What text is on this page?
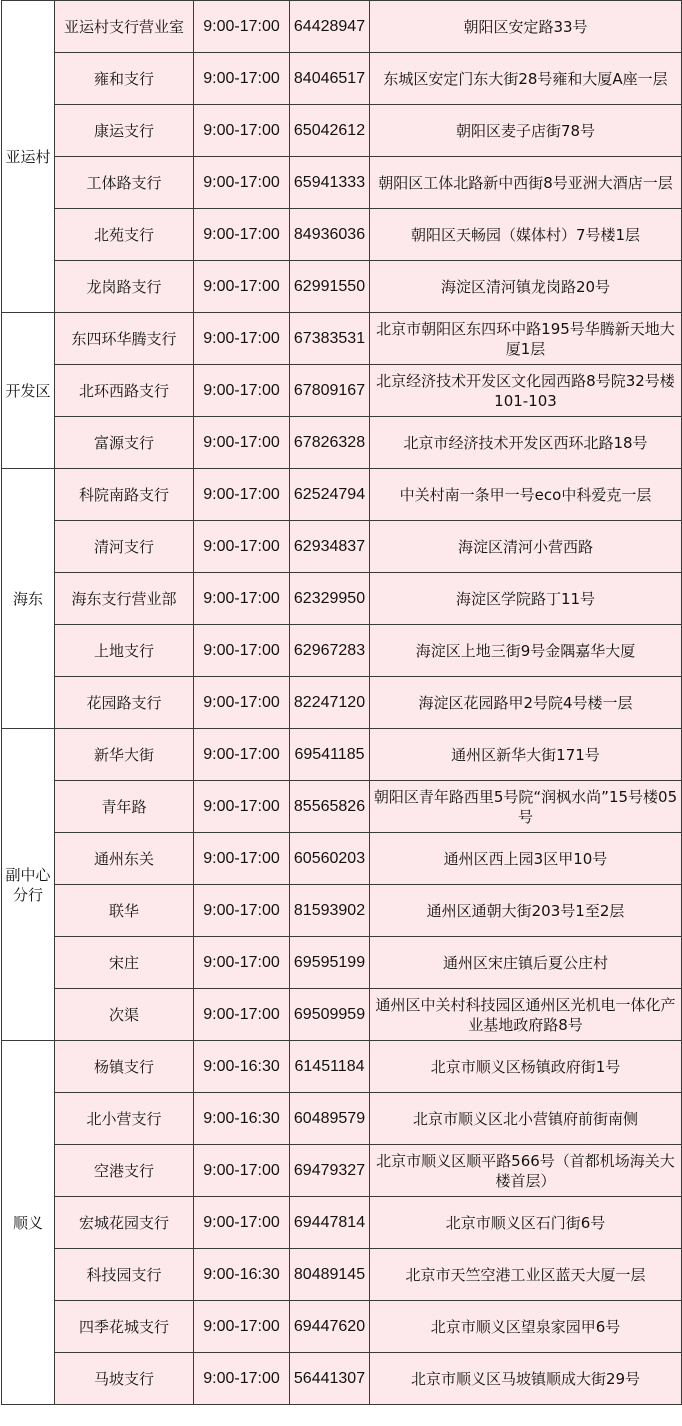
亚运村	亚运村支行营业室	9:00-17:00	64428947	朝阳区安定路33号
	雍和支行	9:00-17:00	84046517	东城区安定门东大街28号雍和大厦A座一层
	康运支行	9:00-17:00	65042612	朝阳区麦子店街78号
	工体路支行	9:00-17:00	65941333	朝阳区工体北路新中西街8号亚洲大酒店一层
	北苑支行	9:00-17:00	84936036	朝阳区天畅园（媒体村）7号楼1层
	龙岗路支行	9:00-17:00	62991550	海淀区清河镇龙岗路20号
开发区	东四环华腾支行	9:00-17:00	67383531	北京市朝阳区东四环中路195号华腾新天地大厦1层
	北环西路支行	9:00-17:00	67809167	北京经济技术开发区文化园西路8号院32号楼101-103
	富源支行	9:00-17:00	67826328	北京市经济技术开发区西环北路18号
海东	科院南路支行	9:00-17:00	62524794	中关村南一条甲一号eco中科爱克一层
	清河支行	9:00-17:00	62934837	海淀区清河小营西路
	海东支行营业部	9:00-17:00	62329950	海淀区学院路丁11号
	上地支行	9:00-17:00	62967283	海淀区上地三街9号金隅嘉华大厦
	花园路支行	9:00-17:00	82247120	海淀区花园路甲2号院4号楼一层
副中心分行	新华大街	9:00-17:00	69541185	通州区新华大街171号
	青年路	9:00-17:00	85565826	朝阳区青年路西里5号院“润枫水尚”15号楼05号
	通州东关	9:00-17:00	60560203	通州区西上园3区甲10号
	联华	9:00-17:00	81593902	通州区通朝大街203号1至2层
	宋庄	9:00-17:00	69595199	通州区宋庄镇后夏公庄村
	次渠	9:00-17:00	69509959	通州区中关村科技园区通州区光机电一体化产业基地政府路8号
顺义	杨镇支行	9:00-16:30	61451184	北京市顺义区杨镇政府街1号
	北小营支行	9:00-16:30	60489579	北京市顺义区北小营镇府前街南侧
	空港支行	9:00-17:00	69479327	北京市顺义区顺平路566号（首都机场海关大楼首层）
	宏城花园支行	9:00-17:00	69447814	北京市顺义区石门街6号
	科技园支行	9:00-16:30	80489145	北京市天竺空港工业区蓝天大厦一层
	四季花城支行	9:00-17:00	69447620	北京市顺义区望泉家园甲6号
	马坡支行	9:00-17:00	56441307	北京市顺义区马坡镇顺成大街29号
